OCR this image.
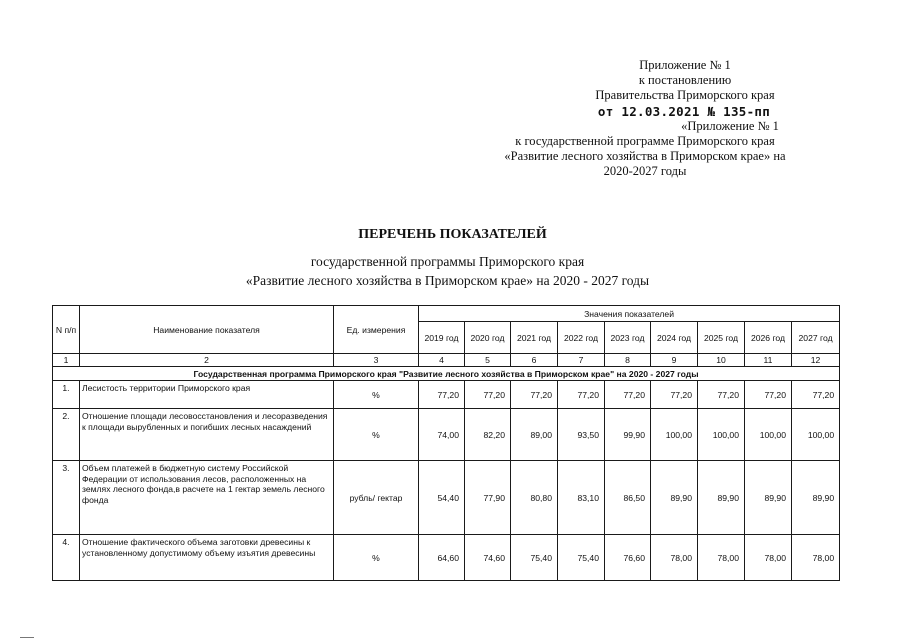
Приложение № 1
к постановлению
Правительства Приморского края
от 12.03.2021 № 135-пп
«Приложение № 1
к государственной программе Приморского края
«Развитие лесного хозяйства в Приморском крае» на
2020-2027 годы
ПЕРЕЧЕНЬ ПОКАЗАТЕЛЕЙ
государственной программы Приморского края
«Развитие лесного хозяйства в Приморском крае» на 2020 - 2027 годы
N п/п	Наименование показателя	Ед. измерения	Значения показателей								
			2019 год	2020 год	2021 год	2022 год	2023 год	2024 год	2025 год	2026 год	2027 год
1	2	3	4	5	6	7	8	9	10	11	12
Государственная программа Приморского края "Развитие лесного хозяйства в Приморском крае" на 2020 - 2027 годы											
1.	Лесистость территории Приморского края	%	77,20	77,20	77,20	77,20	77,20	77,20	77,20	77,20	77,20
2.	Отношение площади лесовосстановления и лесоразведения к площади вырубленных и погибших лесных насаждений	%	74,00	82,20	89,00	93,50	99,90	100,00	100,00	100,00	100,00
3.	Объем платежей в бюджетную систему Российской Федерации от использования лесов, расположенных на землях лесного фонда,в расчете на 1 гектар земель лесного фонда	рубль/ гектар	54,40	77,90	80,80	83,10	86,50	89,90	89,90	89,90	89,90
4.	Отношение фактического объема заготовки древесины к установленному допустимому объему изъятия древесины	%	64,60	74,60	75,40	75,40	76,60	78,00	78,00	78,00	78,00
